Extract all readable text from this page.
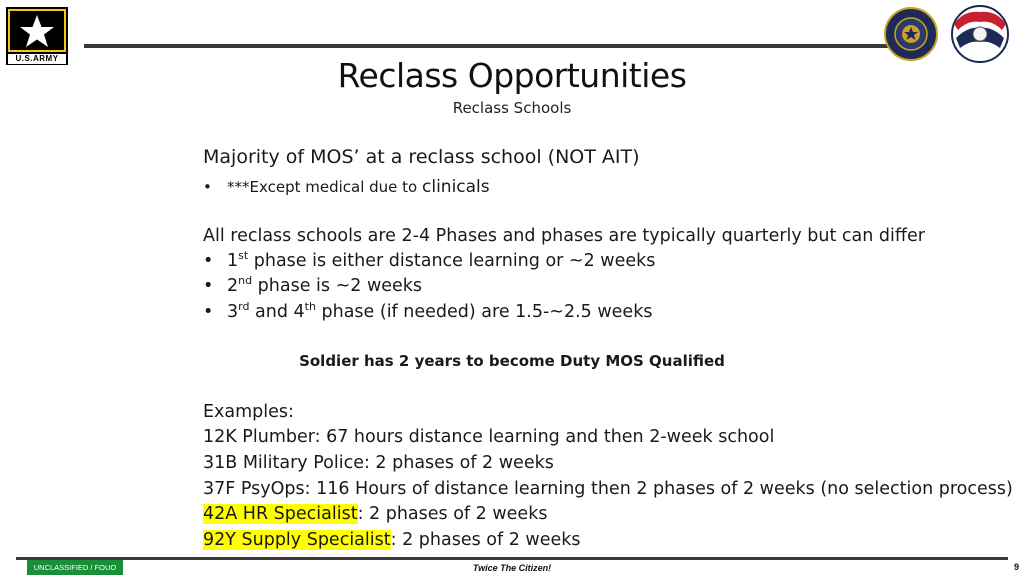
U.S.ARMY	Reclass Opportunities
Reclass Schools
Majority of MOS’ at a reclass school (NOT AIT)
• ***Except medical due to clinicals
All reclass schools are 2-4 Phases and phases are typically quarterly but can differ
• 1st phase is either distance learning or ~2 weeks
• 2nd phase is ~2 weeks
• 3rd and 4th phase (if needed) are 1.5-~2.5 weeks
Soldier has 2 years to become Duty MOS Qualified
Examples:
12K Plumber: 67 hours distance learning and then 2-week school
31B Military Police: 2 phases of 2 weeks
37F PsyOps: 116 Hours of distance learning then 2 phases of 2 weeks (no selection process)
42A HR Specialist: 2 phases of 2 weeks
92Y Supply Specialist: 2 phases of 2 weeks
UNCLASSIFIED / FOUO	Twice The Citizen!	9
